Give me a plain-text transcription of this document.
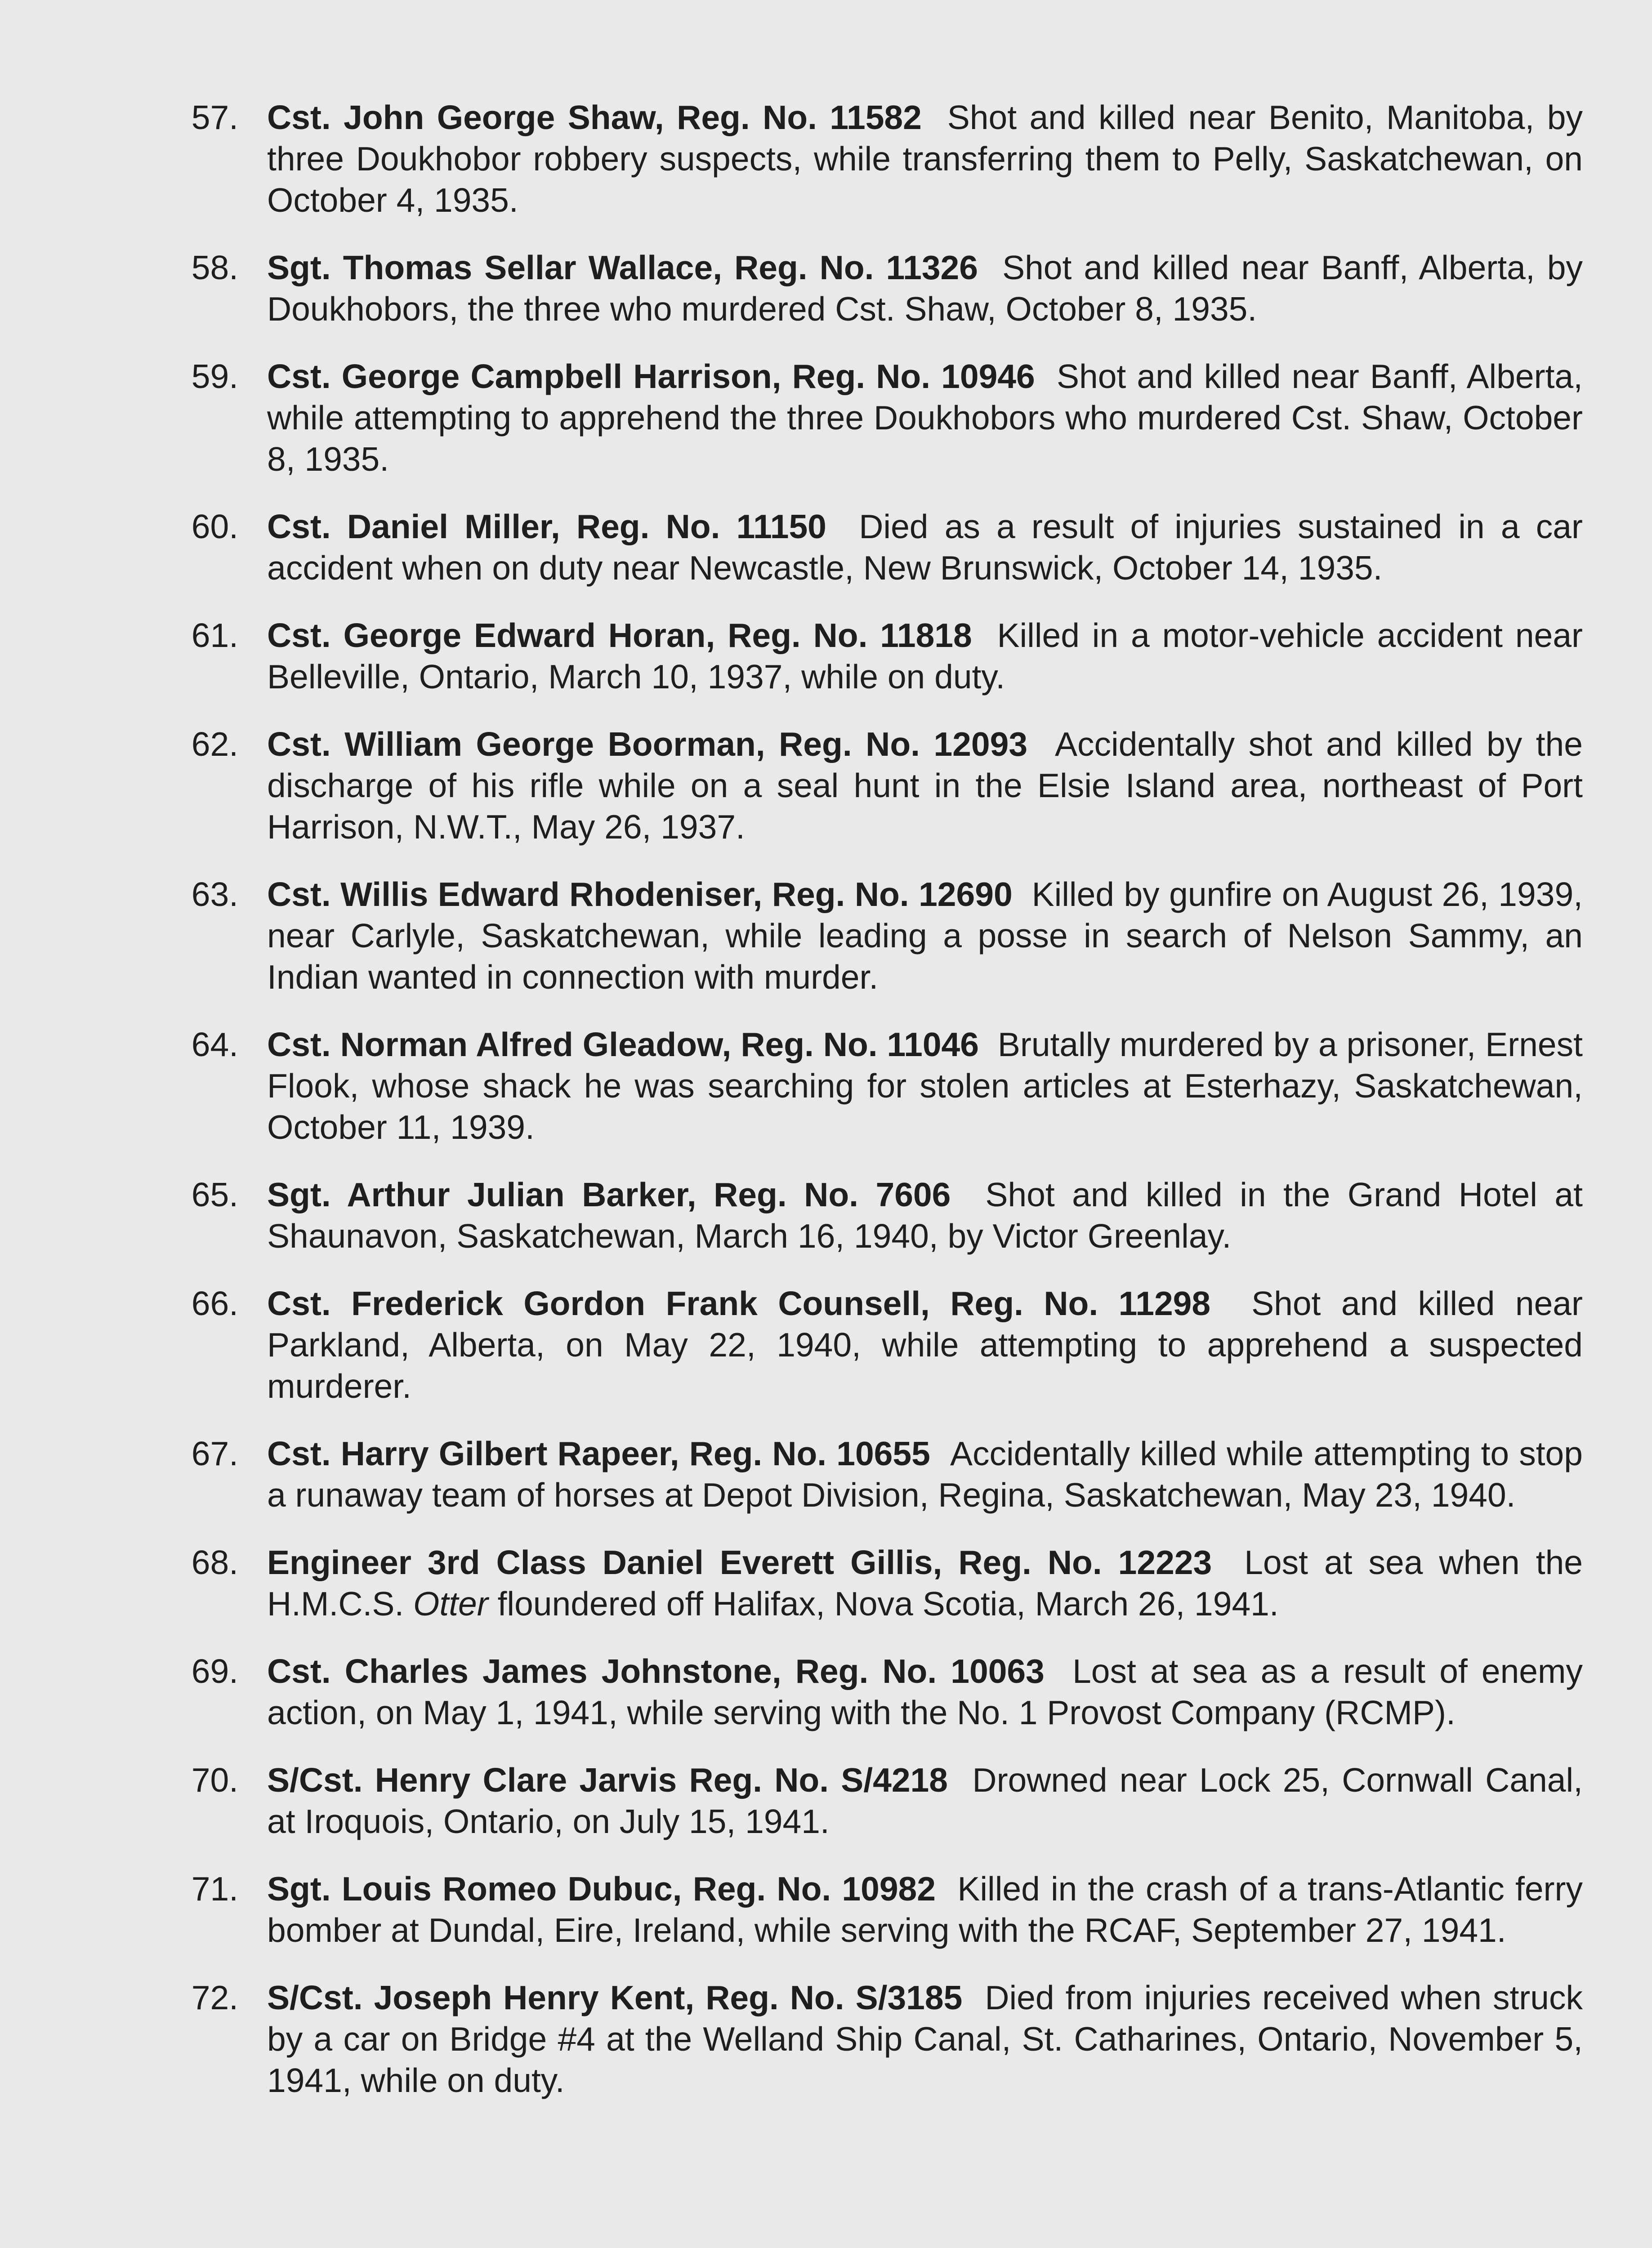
57. Cst. John George Shaw, Reg. No. 11582 Shot and killed near Benito, Manitoba, by three Doukhobor robbery suspects, while transferring them to Pelly, Saskatchewan, on October 4, 1935.
58. Sgt. Thomas Sellar Wallace, Reg. No. 11326 Shot and killed near Banff, Alberta, by Doukhobors, the three who murdered Cst. Shaw, October 8, 1935.
59. Cst. George Campbell Harrison, Reg. No. 10946 Shot and killed near Banff, Alberta, while attempting to apprehend the three Doukhobors who murdered Cst. Shaw, October 8, 1935.
60. Cst. Daniel Miller, Reg. No. 11150 Died as a result of injuries sustained in a car accident when on duty near Newcastle, New Brunswick, October 14, 1935.
61. Cst. George Edward Horan, Reg. No. 11818 Killed in a motor-vehicle accident near Belleville, Ontario, March 10, 1937, while on duty.
62. Cst. William George Boorman, Reg. No. 12093 Accidentally shot and killed by the discharge of his rifle while on a seal hunt in the Elsie Island area, northeast of Port Harrison, N.W.T., May 26, 1937.
63. Cst. Willis Edward Rhodeniser, Reg. No. 12690 Killed by gunfire on August 26, 1939, near Carlyle, Saskatchewan, while leading a posse in search of Nelson Sammy, an Indian wanted in connection with murder.
64. Cst. Norman Alfred Gleadow, Reg. No. 11046 Brutally murdered by a prisoner, Ernest Flook, whose shack he was searching for stolen articles at Esterhazy, Saskatchewan, October 11, 1939.
65. Sgt. Arthur Julian Barker, Reg. No. 7606 Shot and killed in the Grand Hotel at Shaunavon, Saskatchewan, March 16, 1940, by Victor Greenlay.
66. Cst. Frederick Gordon Frank Counsell, Reg. No. 11298 Shot and killed near Parkland, Alberta, on May 22, 1940, while attempting to apprehend a suspected murderer.
67. Cst. Harry Gilbert Rapeer, Reg. No. 10655 Accidentally killed while attempting to stop a runaway team of horses at Depot Division, Regina, Saskatchewan, May 23, 1940.
68. Engineer 3rd Class Daniel Everett Gillis, Reg. No. 12223 Lost at sea when the H.M.C.S. Otter floundered off Halifax, Nova Scotia, March 26, 1941.
69. Cst. Charles James Johnstone, Reg. No. 10063 Lost at sea as a result of enemy action, on May 1, 1941, while serving with the No. 1 Provost Company (RCMP).
70. S/Cst. Henry Clare Jarvis Reg. No. S/4218 Drowned near Lock 25, Cornwall Canal, at Iroquois, Ontario, on July 15, 1941.
71. Sgt. Louis Romeo Dubuc, Reg. No. 10982 Killed in the crash of a trans-Atlantic ferry bomber at Dundal, Eire, Ireland, while serving with the RCAF, September 27, 1941.
72. S/Cst. Joseph Henry Kent, Reg. No. S/3185 Died from injuries received when struck by a car on Bridge #4 at the Welland Ship Canal, St. Catharines, Ontario, November 5, 1941, while on duty.
